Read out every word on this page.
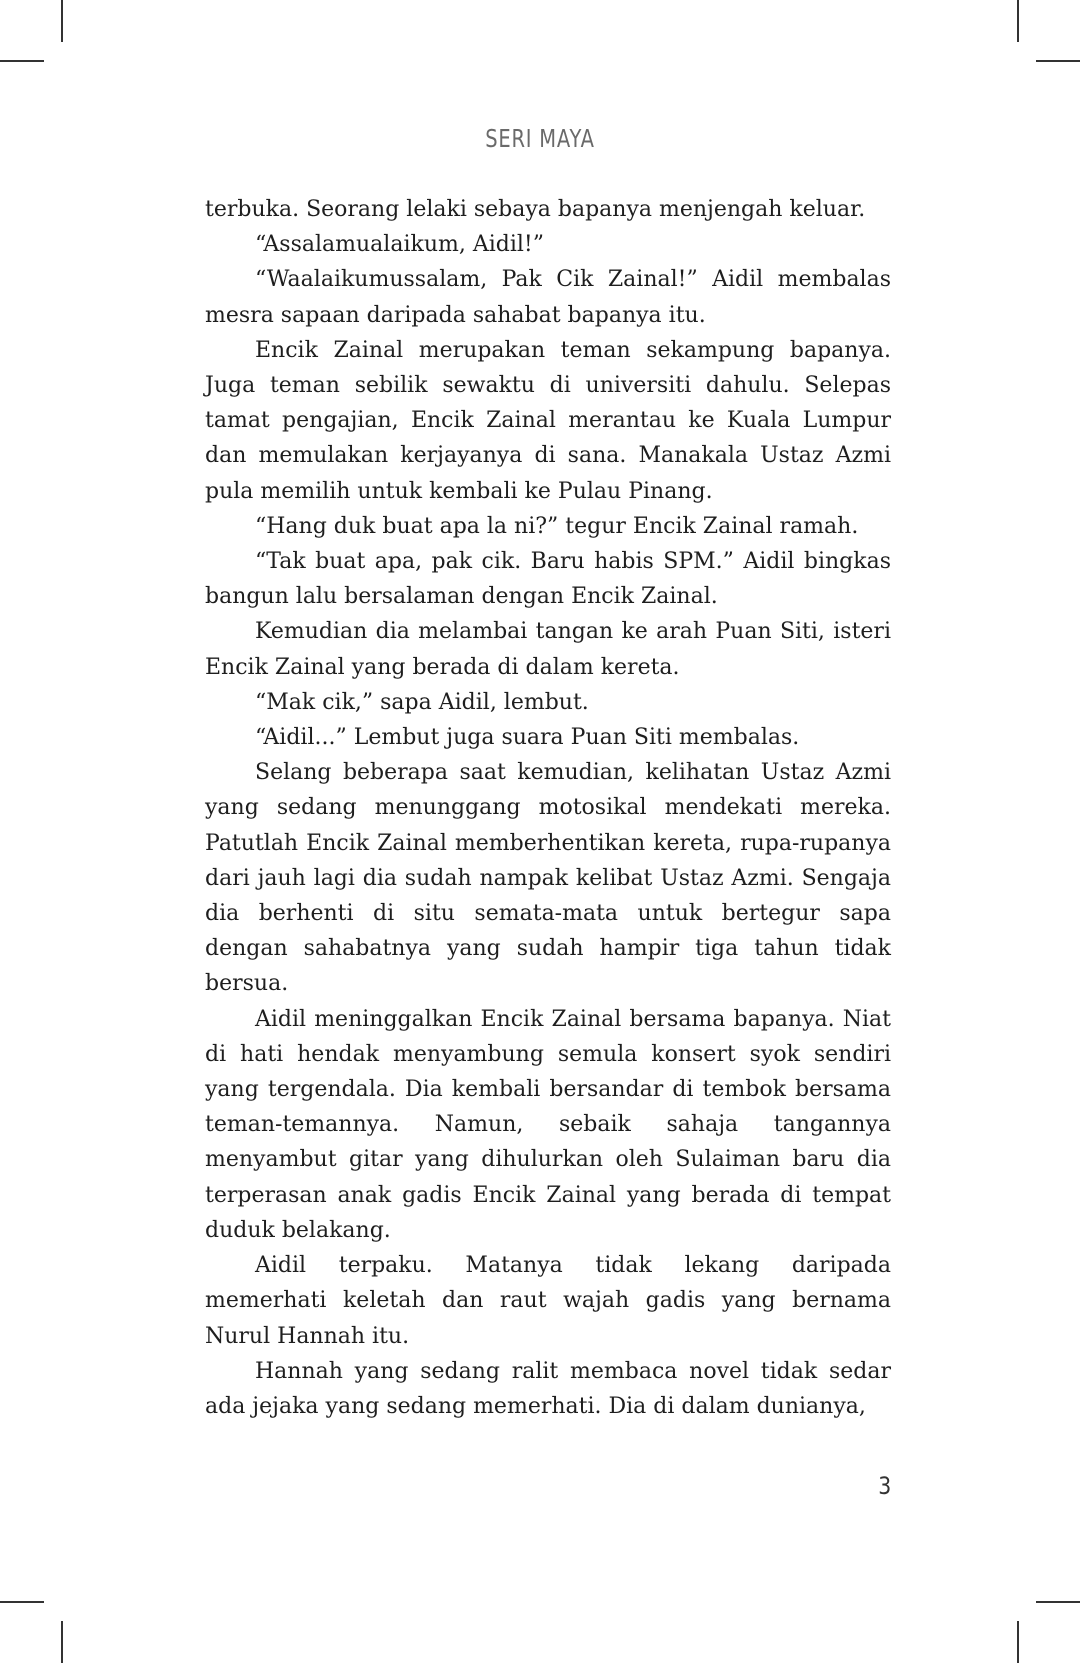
SERI MAYA

terbuka. Seorang lelaki sebaya bapanya menjengah keluar.

“Assalamualaikum, Aidil!”

“Waalaikumussalam, Pak Cik Zainal!” Aidil membalas mesra sapaan daripada sahabat bapanya itu.

Encik Zainal merupakan teman sekampung bapanya. Juga teman sebilik sewaktu di universiti dahulu. Selepas tamat pengajian, Encik Zainal merantau ke Kuala Lumpur dan memulakan kerjayanya di sana. Manakala Ustaz Azmi pula memilih untuk kembali ke Pulau Pinang.

“Hang duk buat apa la ni?” tegur Encik Zainal ramah.

“Tak buat apa, pak cik. Baru habis SPM.” Aidil bingkas bangun lalu bersalaman dengan Encik Zainal.

Kemudian dia melambai tangan ke arah Puan Siti, isteri Encik Zainal yang berada di dalam kereta.

“Mak cik,” sapa Aidil, lembut.

“Aidil...” Lembut juga suara Puan Siti membalas.

Selang beberapa saat kemudian, kelihatan Ustaz Azmi yang sedang menunggang motosikal mendekati mereka. Patutlah Encik Zainal memberhentikan kereta, rupa-rupanya dari jauh lagi dia sudah nampak kelibat Ustaz Azmi. Sengaja dia berhenti di situ semata-mata untuk bertegur sapa dengan sahabatnya yang sudah hampir tiga tahun tidak bersua.

Aidil meninggalkan Encik Zainal bersama bapanya. Niat di hati hendak menyambung semula konsert syok sendiri yang tergendala. Dia kembali bersandar di tembok bersama teman-temannya. Namun, sebaik sahaja tangannya menyambut gitar yang dihulurkan oleh Sulaiman baru dia terperasan anak gadis Encik Zainal yang berada di tempat duduk belakang.

Aidil terpaku. Matanya tidak lekang daripada memerhati keletah dan raut wajah gadis yang bernama Nurul Hannah itu.

Hannah yang sedang ralit membaca novel tidak sedar ada jejaka yang sedang memerhati. Dia di dalam dunianya,

3
